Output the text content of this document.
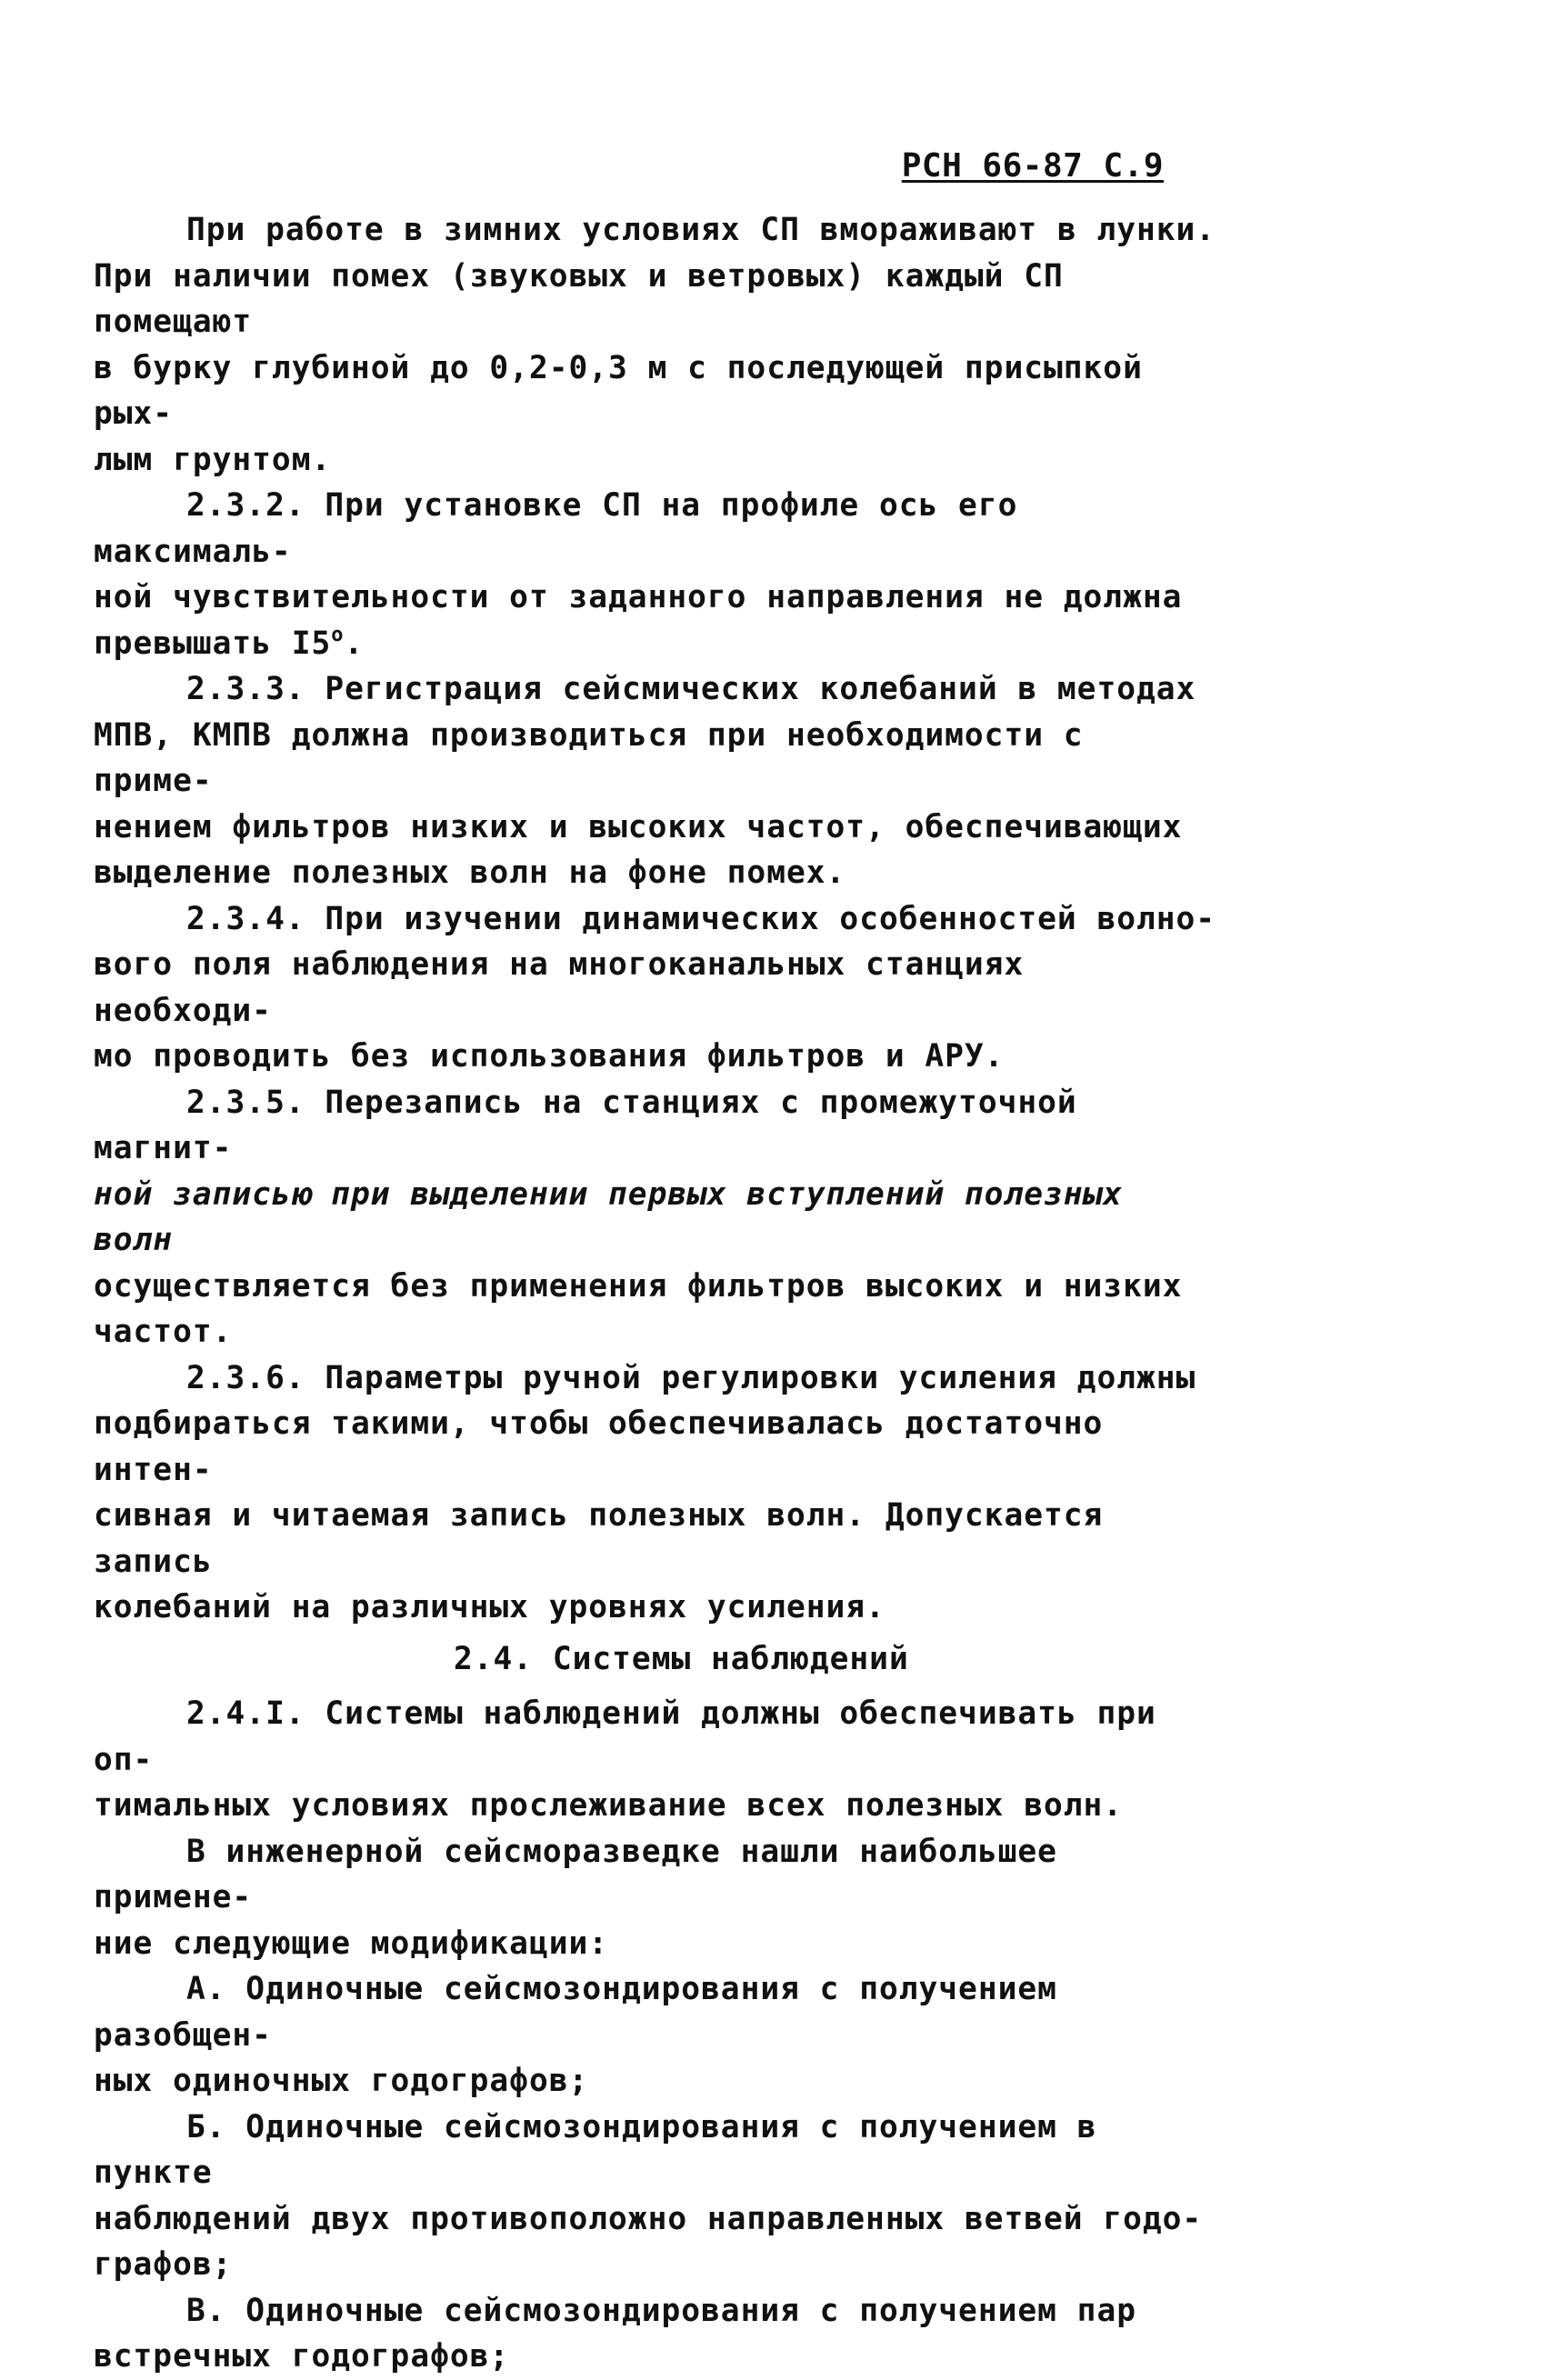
РСН 66-87 С.9

При работе в зимних условиях СП вмораживают в лунки.

При наличии помех (звуковых и ветровых) каждый СП помещают

в бурку глубиной до 0,2-0,3 м с последующей присыпкой рых-

лым грунтом.

2.3.2. При установке СП на профиле ось его максималь-

ной чувствительности от заданного направления не должна

превышать I5$^o$.

2.3.3. Регистрация сейсмических колебаний в методах

МПВ, КМПВ должна производиться при необходимости с приме-

нением фильтров низких и высоких частот, обеспечивающих

выделение полезных волн на фоне помех.

2.3.4. При изучении динамических особенностей волно-

вого поля наблюдения на многоканальных станциях необходи-

мо проводить без использования фильтров и АРУ.

2.3.5. Перезапись на станциях с промежуточной магнит-

ной записью при выделении первых вступлений полезных волн

осуществляется без применения фильтров высоких и низких

частот.

2.3.6. Параметры ручной регулировки усиления должны

подбираться такими, чтобы обеспечивалась достаточно интен-

сивная и читаемая запись полезных волн. Допускается запись

колебаний на различных уровнях усиления.

2.4. Системы наблюдений

2.4.I. Системы наблюдений должны обеспечивать при оп-

тимальных условиях прослеживание всех полезных волн.

В инженерной сейсморазведке нашли наибольшее примене-

ние следующие модификации:

А. Одиночные сейсмозондирования с получением разобщен-

ных одиночных годографов;

Б. Одиночные сейсмозондирования с получением в пункте

наблюдений двух противоположно направленных ветвей годо-

графов;

В. Одиночные сейсмозондирования с получением пар

встречных годографов;
